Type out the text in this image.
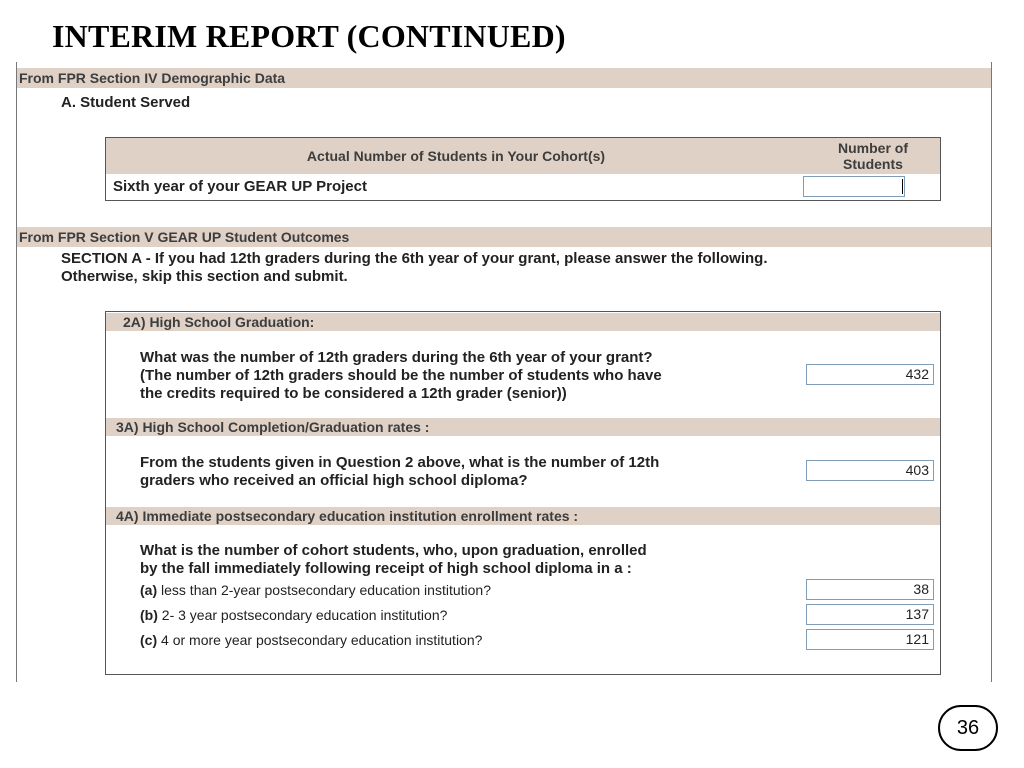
INTERIM REPORT (CONTINUED)
From FPR Section IV Demographic Data
A. Student Served
Actual Number of Students in Your Cohort(s)	Number of
Students
Sixth year of your GEAR UP Project
From FPR Section V GEAR UP Student Outcomes
SECTION A - If you had 12th graders during the 6th year of your grant, please answer the following.
Otherwise, skip this section and submit.
2A) High School Graduation:
What was the number of 12th graders during the 6th year of your grant?
(The number of 12th graders should be the number of students who have
the credits required to be considered a 12th grader (senior))
432
3A) High School Completion/Graduation rates :
From the students given in Question 2 above, what is the number of 12th
graders who received an official high school diploma?
403
4A) Immediate postsecondary education institution enrollment rates :
What is the number of cohort students, who, upon graduation, enrolled
by the fall immediately following receipt of high school diploma in a :
(a) less than 2-year postsecondary education institution?	38
(b) 2- 3 year postsecondary education institution?	137
(c) 4 or more year postsecondary education institution?	121
36
